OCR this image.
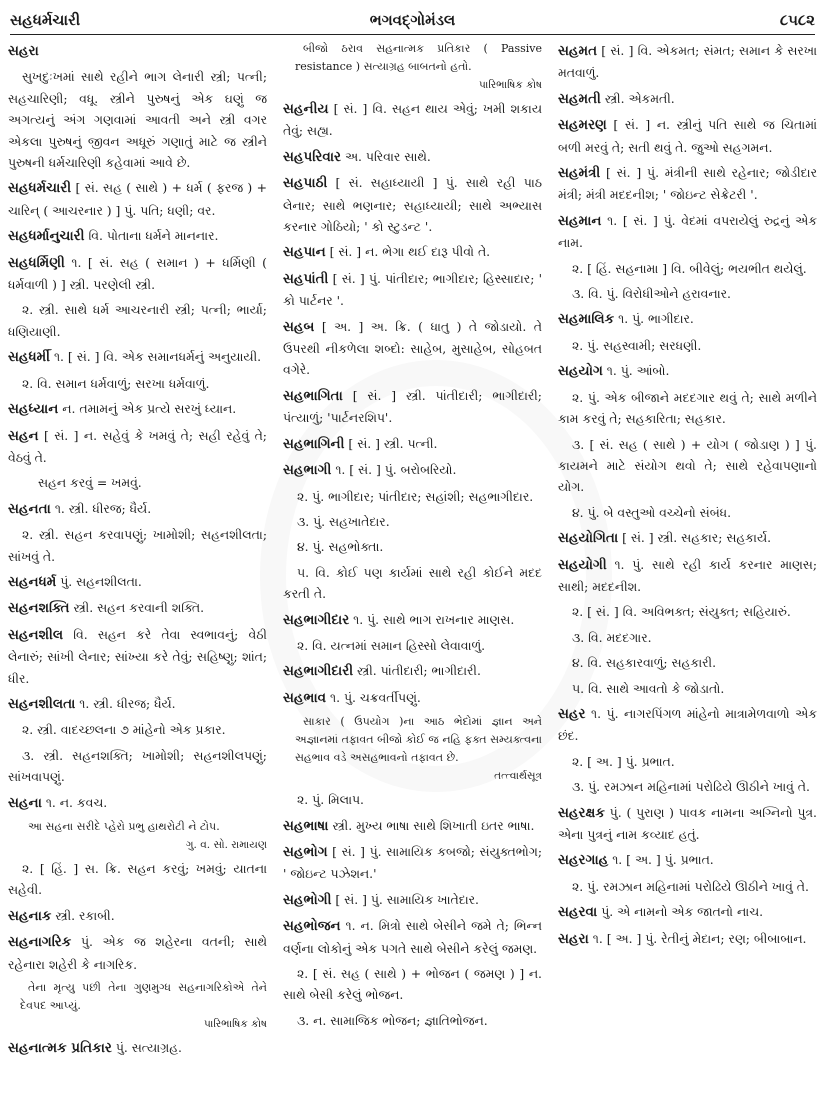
સહધર્મચારી	ભગવદ્ગોમંડલ	૮૫૮૨

સહરા

સુખદુઃખમાં સાથે રહીને ભાગ લેનારી સ્ત્રી; પત્ની; સહચારિણી; વધૂ. સ્ત્રીને પુરુષનું એક ઘણું જ અગત્યનું અંગ ગણવામાં આવતી અને સ્ત્રી વગર એકલા પુરુષનું જીવન અધૂરું ગણાતું માટે જ સ્ત્રીને પુરુષની ધર્મચારિણી કહેવામાં આવે છે.

સહધર્મચારી [ સં. સહ ( સાથે ) + ધર્મ ( ફરજ ) + ચારિન્ ( આચરનાર ) ] પું. પતિ; ધણી; વર.

સહધર્માનુચારી વિ. પોતાના ધર્મને માનનાર.

સહધર્મિણી ૧. [ સં. સહ ( સમાન ) + ધર્મિણી ( ધર્મવાળી ) ] સ્ત્રી. પરણેલી સ્ત્રી.

૨. સ્ત્રી. સાથે ધર્મ આચરનારી સ્ત્રી; પત્ની; ભાર્યા; ધણિયાણી.

સહધર્મી ૧. [ સં. ] વિ. એક સમાનધર્મનું અનુયાયી.

૨. વિ. સમાન ધર્મવાળું; સરખા ધર્મવાળું.

સહધ્યાન ન. તમામનું એક પ્રત્યે સરખું ધ્યાન.

સહન [ સં. ] ન. સહેવું કે ખમવું તે; સહી રહેવું તે; વેઠવું તે.

સહન કરવું = ખમવું.

સહનતા ૧. સ્ત્રી. ધીરજ; ધૈર્ય.

૨. સ્ત્રી. સહન કરવાપણું; ખામોશી; સહનશીલતા; સાંખવું તે.

સહનધર્મ પું. સહનશીલતા.

સહનશક્તિ સ્ત્રી. સહન કરવાની શક્તિ.

સહનશીલ વિ. સહન કરે તેવા સ્વભાવનું; વેઠી લેનારું; સાંખી લેનાર; સાંખ્યા કરે તેવું; સહિષ્ણુ; શાંત; ધીર.

સહનશીલતા ૧. સ્ત્રી. ધીરજ; ધૈર્ય.

૨. સ્ત્રી. વાદચ્છલના ૭ માંહેનો એક પ્રકાર.

૩. સ્ત્રી. સહનશક્તિ; ખામોશી; સહનશીલપણું; સાંખવાપણું.

સહના ૧. ન. કવચ.

આ સહના સરીદે પ્હેરો પ્રભુ હાથરોટી ને ટોપ.
ગુ. વ. સો. રામાયણ

૨. [ હિં. ] સ. ક્રિ. સહન કરવું; ખમવું; યાતના સહેવી.

સહનાક સ્ત્રી. રકાબી.

સહનાગરિક પું. એક જ શહેરના વતની; સાથે રહેનારા શહેરી કે નાગરિક.

તેના મૃત્યુ પછી તેના ગુણમુગ્ધ સહનાગરિકોએ તેને દેવપદ આપ્યું.
પારિભાષિક કોષ

સહનાત્મક પ્રતિકાર પું. સત્યાગ્રહ.

બીજો ઠરાવ સહનાત્મક પ્રતિકાર ( Passive resistance ) સત્યાગ્રહ બાબતનો હતો.
પારિભાષિક કોષ

સહનીય [ સં. ] વિ. સહન થાય એવું; ખમી શકાય તેવું; સહ્ય.

સહપરિવાર અ. પરિવાર સાથે.

સહપાઠી [ સં. સહાધ્યાયી ] પું. સાથે રહી પાઠ લેનાર; સાથે ભણનાર; સહાધ્યાયી; સાથે અભ્યાસ કરનાર ગોઠિયો; ' કો સ્ટુડન્ટ '.

સહપાન [ સં. ] ન. ભેગા થઈ દારૂ પીવો તે.

સહપાંતી [ સં. ] પું. પાંતીદાર; ભાગીદાર; હિસ્સાદાર; ' કો પાર્ટનર '.

સહબ [ અ. ] અ. ક્રિ. ( ધાતુ ) તે જોડાયો. તે ઉપરથી નીકળેલા શબ્દો: સાહેબ, મુસાહેબ, સોહબત વગેરે.

સહભાગિતા [ સં. ] સ્ત્રી. પાંતીદારી; ભાગીદારી; પંત્યાળું; 'પાર્ટનરશિપ'.

સહભાગિની [ સં. ] સ્ત્રી. પત્ની.

સહભાગી ૧. [ સં. ] પું. બરોબરિયો.

૨. પું. ભાગીદાર; પાંતીદાર; સહાંશી; સહભાગીદાર.

૩. પું. સહખાતેદાર.

૪. પું. સહભોક્તા.

૫. વિ. કોઈ પણ કાર્યમાં સાથે રહી કોઈને મદદ કરતી તે.

સહભાગીદાર ૧. પું. સાથે ભાગ રાખનાર માણસ.

૨. વિ. યત્નમાં સમાન હિસ્સો લેવાવાળું.

સહભાગીદારી સ્ત્રી. પાંતીદારી; ભાગીદારી.

સહભાવ ૧. પું. ચક્રવર્તીપણું.

સાકાર ( ઉપયોગ )ના આઠ ભેદોમાં જ્ઞાન અને અજ્ઞાનમાં તફાવત બીજો કોઈ જ નહિ ફક્ત સમ્યક્ત્વના સહભાવ વડે અસહભાવનો તફાવત છે.
તત્ત્વાર્થસૂત્ર

૨. પું. મિલાપ.

સહભાષા સ્ત્રી. મુખ્ય ભાષા સાથે શિખાતી ઇતર ભાષા.

સહભોગ [ સં. ] પું. સામાયિક કબજો; સંયુક્તભોગ; ' જોઇન્ટ પઝેશન.'

સહભોગી [ સં. ] પું. સામાયિક ખાતેદાર.

સહભોજન ૧. ન. મિત્રો સાથે બેસીને જમે તે; ભિન્ન વર્ણના લોકોનું એક પગતે સાથે બેસીને કરેલું જમણ.

૨. [ સં. સહ ( સાથે ) + ભોજન ( જમણ ) ] ન. સાથે બેસી કરેલું ભોજન.

૩. ન. સામાજિક ભોજન; જ્ઞાતિભોજન.

સહમત [ સં. ] વિ. એકમત; સંમત; સમાન કે સરખા મતવાળું.

સહમતી સ્ત્રી. એકમતી.

સહમરણ [ સં. ] ન. સ્ત્રીનું પતિ સાથે જ ચિતામાં બળી મરવું તે; સતી થવું તે. જુઓ સહગમન.

સહમંત્રી [ સં. ] પું. મંત્રીની સાથે રહેનાર; જોડીદાર મંત્રી; મંત્રી મદદનીશ; ' જોઇન્ટ સેક્રેટરી '.

સહમાન ૧. [ સં. ] પું. વેદમાં વપરાયેલું રુદ્રનું એક નામ.

૨. [ હિં. સહનામા ] વિ. બીવેલું; ભયભીત થયેલું.

૩. વિ. પું. વિરોધીઓને હરાવનાર.

સહમાલિક ૧. પું. ભાગીદાર.

૨. પું. સહસ્વામી; સરધણી.

સહયોગ ૧. પું. આંબો.

૨. પું. એક બીજાને મદદગાર થવું તે; સાથે મળીને કામ કરવું તે; સહકારિતા; સહકાર.

૩. [ સં. સહ ( સાથે ) + યોગ ( જોડાણ ) ] પું. કાયમને માટે સંયોગ થવો તે; સાથે રહેવાપણાનો યોગ.

૪. પું. બે વસ્તુઓ વચ્ચેનો સંબંધ.

સહયોગિતા [ સં. ] સ્ત્રી. સહકાર; સહકાર્ય.

સહયોગી ૧. પું. સાથે રહી કાર્ય કરનાર માણસ; સાથી; મદદનીશ.

૨. [ સં. ] વિ. અવિભક્ત; સંયુક્ત; સહિયારું.

૩. વિ. મદદગાર.

૪. વિ. સહકારવાળું; સહકારી.

૫. વિ. સાથે આવતો કે જોડાતો.

સહર ૧. પું. નાગરપિંગળ માંહેનો માત્રામેળવાળો એક છંદ.

૨. [ અ. ] પું. પ્રભાત.

૩. પું. રમઝાન મહિનામાં પરોઢિયે ઊઠીને ખાવું તે.

સહરક્ષક પું. ( પુરાણ ) પાવક નામના અગ્નિનો પુત્ર. એના પુત્રનું નામ કવ્યાદ હતું.

સહરગાહ ૧. [ અ. ] પું. પ્રભાત.

૨. પું. રમઝાન મહિનામાં પરોઢિયે ઊઠીને ખાવું તે.

સહરવા પું. એ નામનો એક જાતનો નાચ.

સહરા ૧. [ અ. ] પું. રેતીનું મેદાન; રણ; બીબાબાન.
